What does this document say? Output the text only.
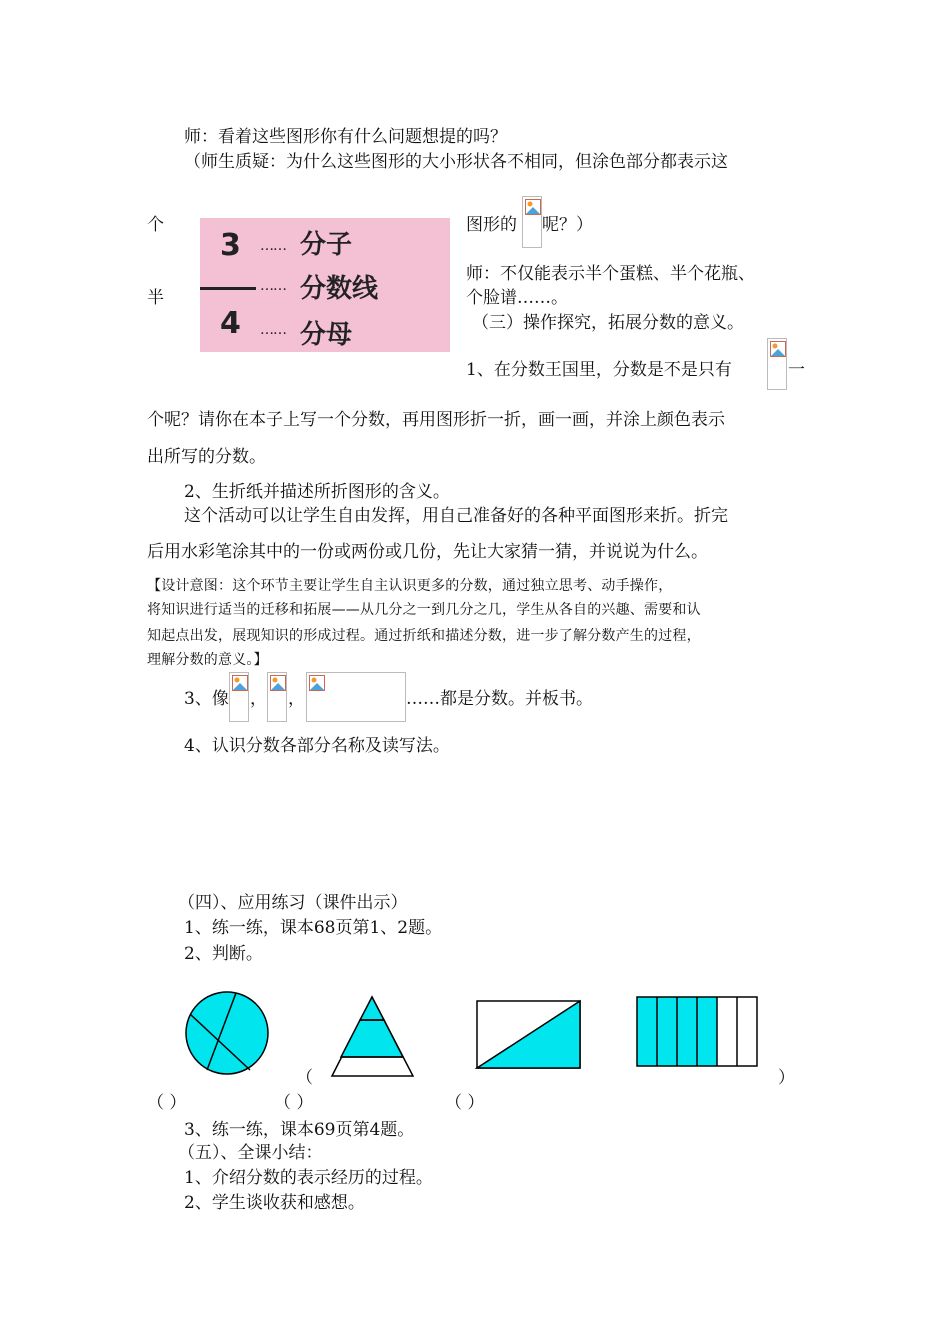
师：看着这些图形你有什么问题想提的吗？
（师生质疑：为什么这些图形的大小形状各不相同，但涂色部分都表示这
个
3 …… 分子
…… 分数线
4 …… 分母
图形的 呢？）
半
师：不仅能表示半个蛋糕、半个花瓶、
个脸谱……。
（三）操作探究，拓展分数的意义。
1、在分数王国里，分数是不是只有	一
个呢？请你在本子上写一个分数，再用图形折一折，画一画，并涂上颜色表示
出所写的分数。
2、生折纸并描述所折图形的含义。
这个活动可以让学生自由发挥，用自己准备好的各种平面图形来折。折完
后用水彩笔涂其中的一份或两份或几份，先让大家猜一猜，并说说为什么。
【设计意图：这个环节主要让学生自主认识更多的分数，通过独立思考、动手操作，
将知识进行适当的迁移和拓展——从几分之一到几分之几，学生从各自的兴趣、需要和认
知起点出发，展现知识的形成过程。通过折纸和描述分数，进一步了解分数产生的过程，
理解分数的意义。】
3、像 ， ，	……都是分数。并板书。
4、认识分数各部分名称及读写法。
（四）、应用练习（课件出示）
1、练一练，课本68页第1、2题。
2、判断。
（	）
（ ）	（ ）	（ ）
3、练一练，课本69页第4题。
（五）、全课小结：
1、介绍分数的表示经历的过程。
2、学生谈收获和感想。
